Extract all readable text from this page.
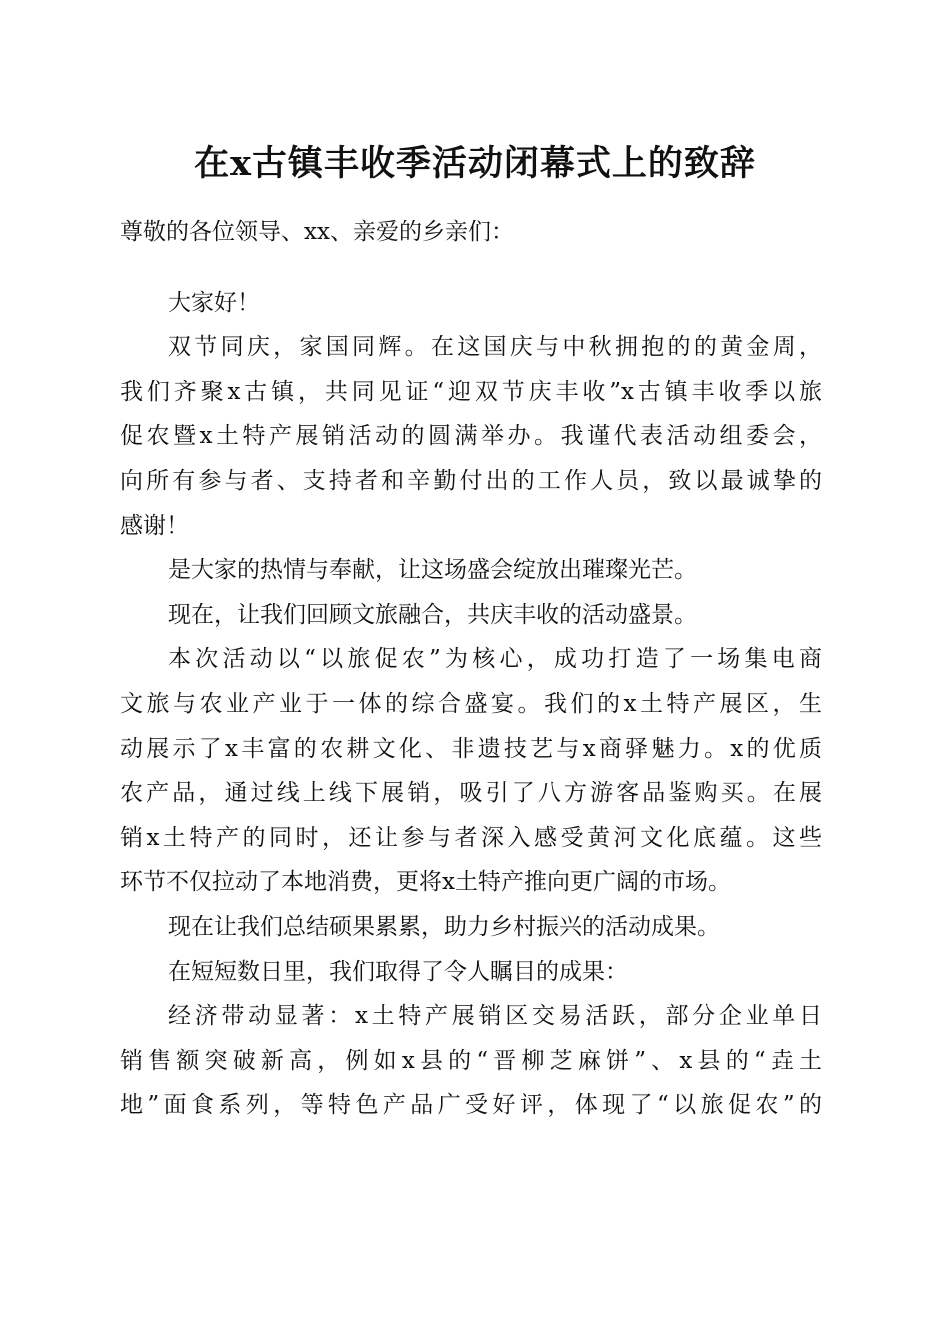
在x古镇丰收季活动闭幕式上的致辞
尊敬的各位领导、xx、亲爱的乡亲们：
大家好！
双节同庆，家国同辉。在这国庆与中秋拥抱的的黄金周，
我们齐聚x古镇，共同见证“迎双节庆丰收”x古镇丰收季以旅
促农暨x土特产展销活动的圆满举办。我谨代表活动组委会，
向所有参与者、支持者和辛勤付出的工作人员，致以最诚挚的
感谢！
是大家的热情与奉献，让这场盛会绽放出璀璨光芒。
现在，让我们回顾文旅融合，共庆丰收的活动盛景。
本次活动以“以旅促农”为核心，成功打造了一场集电商
文旅与农业产业于一体的综合盛宴。我们的x土特产展区，生
动展示了x丰富的农耕文化、非遗技艺与x商驿魅力。x的优质
农产品，通过线上线下展销，吸引了八方游客品鉴购买。在展
销x土特产的同时，还让参与者深入感受黄河文化底蕴。这些
环节不仅拉动了本地消费，更将x土特产推向更广阔的市场。
现在让我们总结硕果累累，助力乡村振兴的活动成果。
在短短数日里，我们取得了令人瞩目的成果：
经济带动显著：x土特产展销区交易活跃，部分企业单日
销售额突破新高，例如x县的“晋柳芝麻饼”、x县的“垚土
地”面食系列，等特色产品广受好评，体现了“以旅促农”的
